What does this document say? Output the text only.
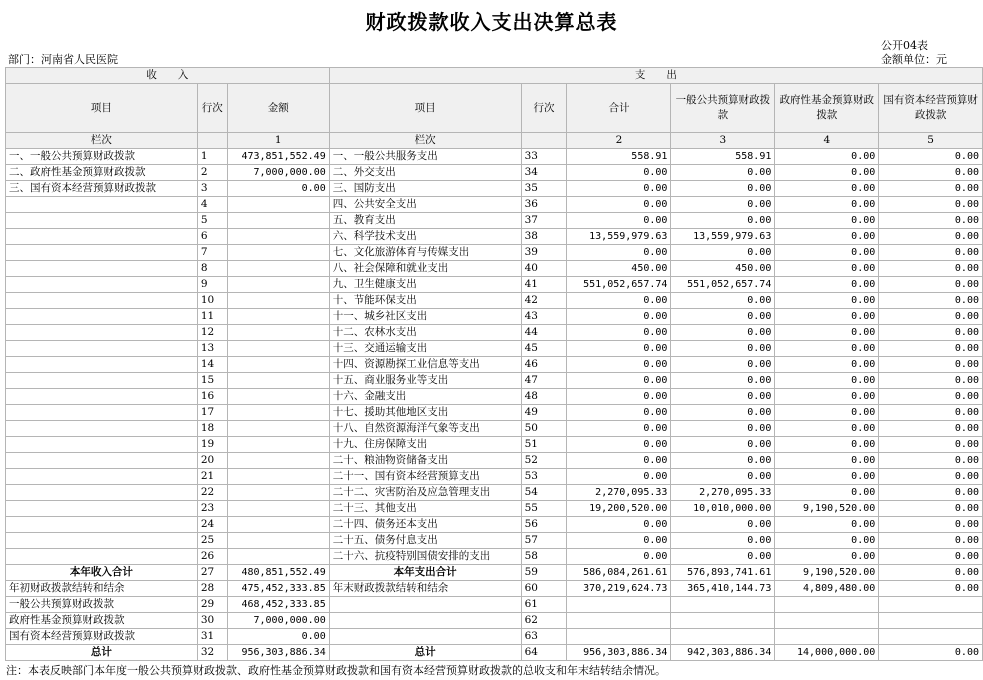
财政拨款收入支出决算总表
公开04表
金额单位：元
部门：河南省人民医院
收　　入			支　　出					
项目	行次	金额	项目	行次	合计	一般公共预算财政拨款	政府性基金预算财政拨款	国有资本经营预算财政拨款
栏次		1	栏次		2	3	4	5
一、一般公共预算财政拨款	1	473,851,552.49	一、一般公共服务支出	33	558.91	558.91	0.00	0.00
二、政府性基金预算财政拨款	2	7,000,000.00	二、外交支出	34	0.00	0.00	0.00	0.00
三、国有资本经营预算财政拨款	3	0.00	三、国防支出	35	0.00	0.00	0.00	0.00
	4		四、公共安全支出	36	0.00	0.00	0.00	0.00
	5		五、教育支出	37	0.00	0.00	0.00	0.00
	6		六、科学技术支出	38	13,559,979.63	13,559,979.63	0.00	0.00
	7		七、文化旅游体育与传媒支出	39	0.00	0.00	0.00	0.00
	8		八、社会保障和就业支出	40	450.00	450.00	0.00	0.00
	9		九、卫生健康支出	41	551,052,657.74	551,052,657.74	0.00	0.00
	10		十、节能环保支出	42	0.00	0.00	0.00	0.00
	11		十一、城乡社区支出	43	0.00	0.00	0.00	0.00
	12		十二、农林水支出	44	0.00	0.00	0.00	0.00
	13		十三、交通运输支出	45	0.00	0.00	0.00	0.00
	14		十四、资源勘探工业信息等支出	46	0.00	0.00	0.00	0.00
	15		十五、商业服务业等支出	47	0.00	0.00	0.00	0.00
	16		十六、金融支出	48	0.00	0.00	0.00	0.00
	17		十七、援助其他地区支出	49	0.00	0.00	0.00	0.00
	18		十八、自然资源海洋气象等支出	50	0.00	0.00	0.00	0.00
	19		十九、住房保障支出	51	0.00	0.00	0.00	0.00
	20		二十、粮油物资储备支出	52	0.00	0.00	0.00	0.00
	21		二十一、国有资本经营预算支出	53	0.00	0.00	0.00	0.00
	22		二十二、灾害防治及应急管理支出	54	2,270,095.33	2,270,095.33	0.00	0.00
	23		二十三、其他支出	55	19,200,520.00	10,010,000.00	9,190,520.00	0.00
	24		二十四、债务还本支出	56	0.00	0.00	0.00	0.00
	25		二十五、债务付息支出	57	0.00	0.00	0.00	0.00
	26		二十六、抗疫特别国债安排的支出	58	0.00	0.00	0.00	0.00
本年收入合计	27	480,851,552.49	本年支出合计	59	586,084,261.61	576,893,741.61	9,190,520.00	0.00
年初财政拨款结转和结余	28	475,452,333.85	年末财政拨款结转和结余	60	370,219,624.73	365,410,144.73	4,809,480.00	0.00
一般公共预算财政拨款	29	468,452,333.85		61				
政府性基金预算财政拨款	30	7,000,000.00		62				
国有资本经营预算财政拨款	31	0.00		63				
总计	32	956,303,886.34	总计	64	956,303,886.34	942,303,886.34	14,000,000.00	0.00
注：本表反映部门本年度一般公共预算财政拨款、政府性基金预算财政拨款和国有资本经营预算财政拨款的总收支和年末结转结余情况。
